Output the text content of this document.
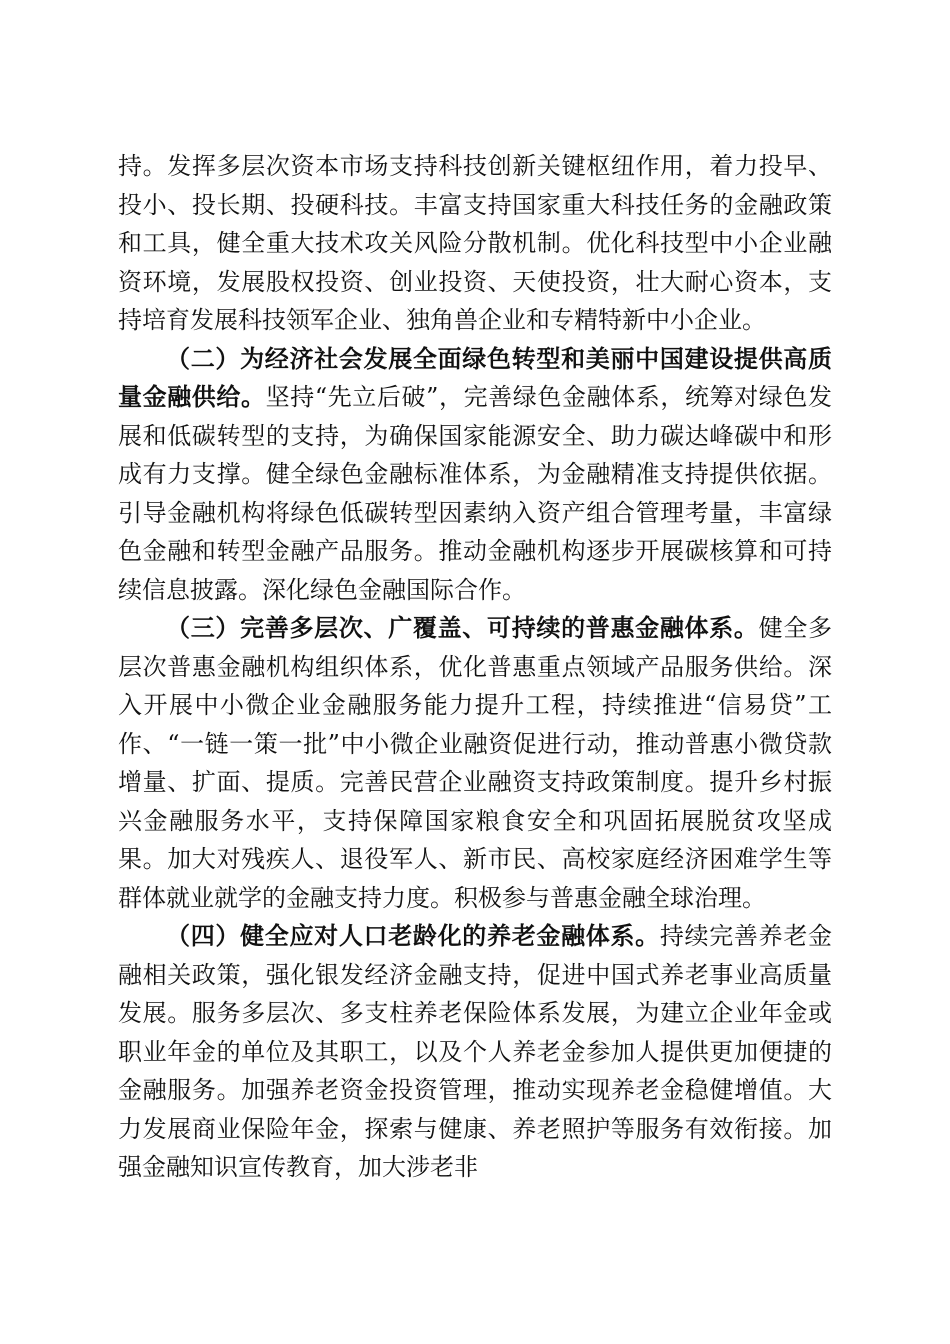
持。发挥多层次资本市场支持科技创新关键枢纽作用，着力投早、投小、投长期、投硬科技。丰富支持国家重大科技任务的金融政策和工具，健全重大技术攻关风险分散机制。优化科技型中小企业融资环境，发展股权投资、创业投资、天使投资，壮大耐心资本，支持培育发展科技领军企业、独角兽企业和专精特新中小企业。

（二）为经济社会发展全面绿色转型和美丽中国建设提供高质量金融供给。坚持“先立后破”，完善绿色金融体系，统筹对绿色发展和低碳转型的支持，为确保国家能源安全、助力碳达峰碳中和形成有力支撑。健全绿色金融标准体系，为金融精准支持提供依据。引导金融机构将绿色低碳转型因素纳入资产组合管理考量，丰富绿色金融和转型金融产品服务。推动金融机构逐步开展碳核算和可持续信息披露。深化绿色金融国际合作。

（三）完善多层次、广覆盖、可持续的普惠金融体系。健全多层次普惠金融机构组织体系，优化普惠重点领域产品服务供给。深入开展中小微企业金融服务能力提升工程，持续推进“信易贷”工作、“一链一策一批”中小微企业融资促进行动，推动普惠小微贷款增量、扩面、提质。完善民营企业融资支持政策制度。提升乡村振兴金融服务水平，支持保障国家粮食安全和巩固拓展脱贫攻坚成果。加大对残疾人、退役军人、新市民、高校家庭经济困难学生等群体就业就学的金融支持力度。积极参与普惠金融全球治理。

（四）健全应对人口老龄化的养老金融体系。持续完善养老金融相关政策，强化银发经济金融支持，促进中国式养老事业高质量发展。服务多层次、多支柱养老保险体系发展，为建立企业年金或职业年金的单位及其职工，以及个人养老金参加人提供更加便捷的金融服务。加强养老资金投资管理，推动实现养老金稳健增值。大力发展商业保险年金，探索与健康、养老照护等服务有效衔接。加强金融知识宣传教育，加大涉老非
